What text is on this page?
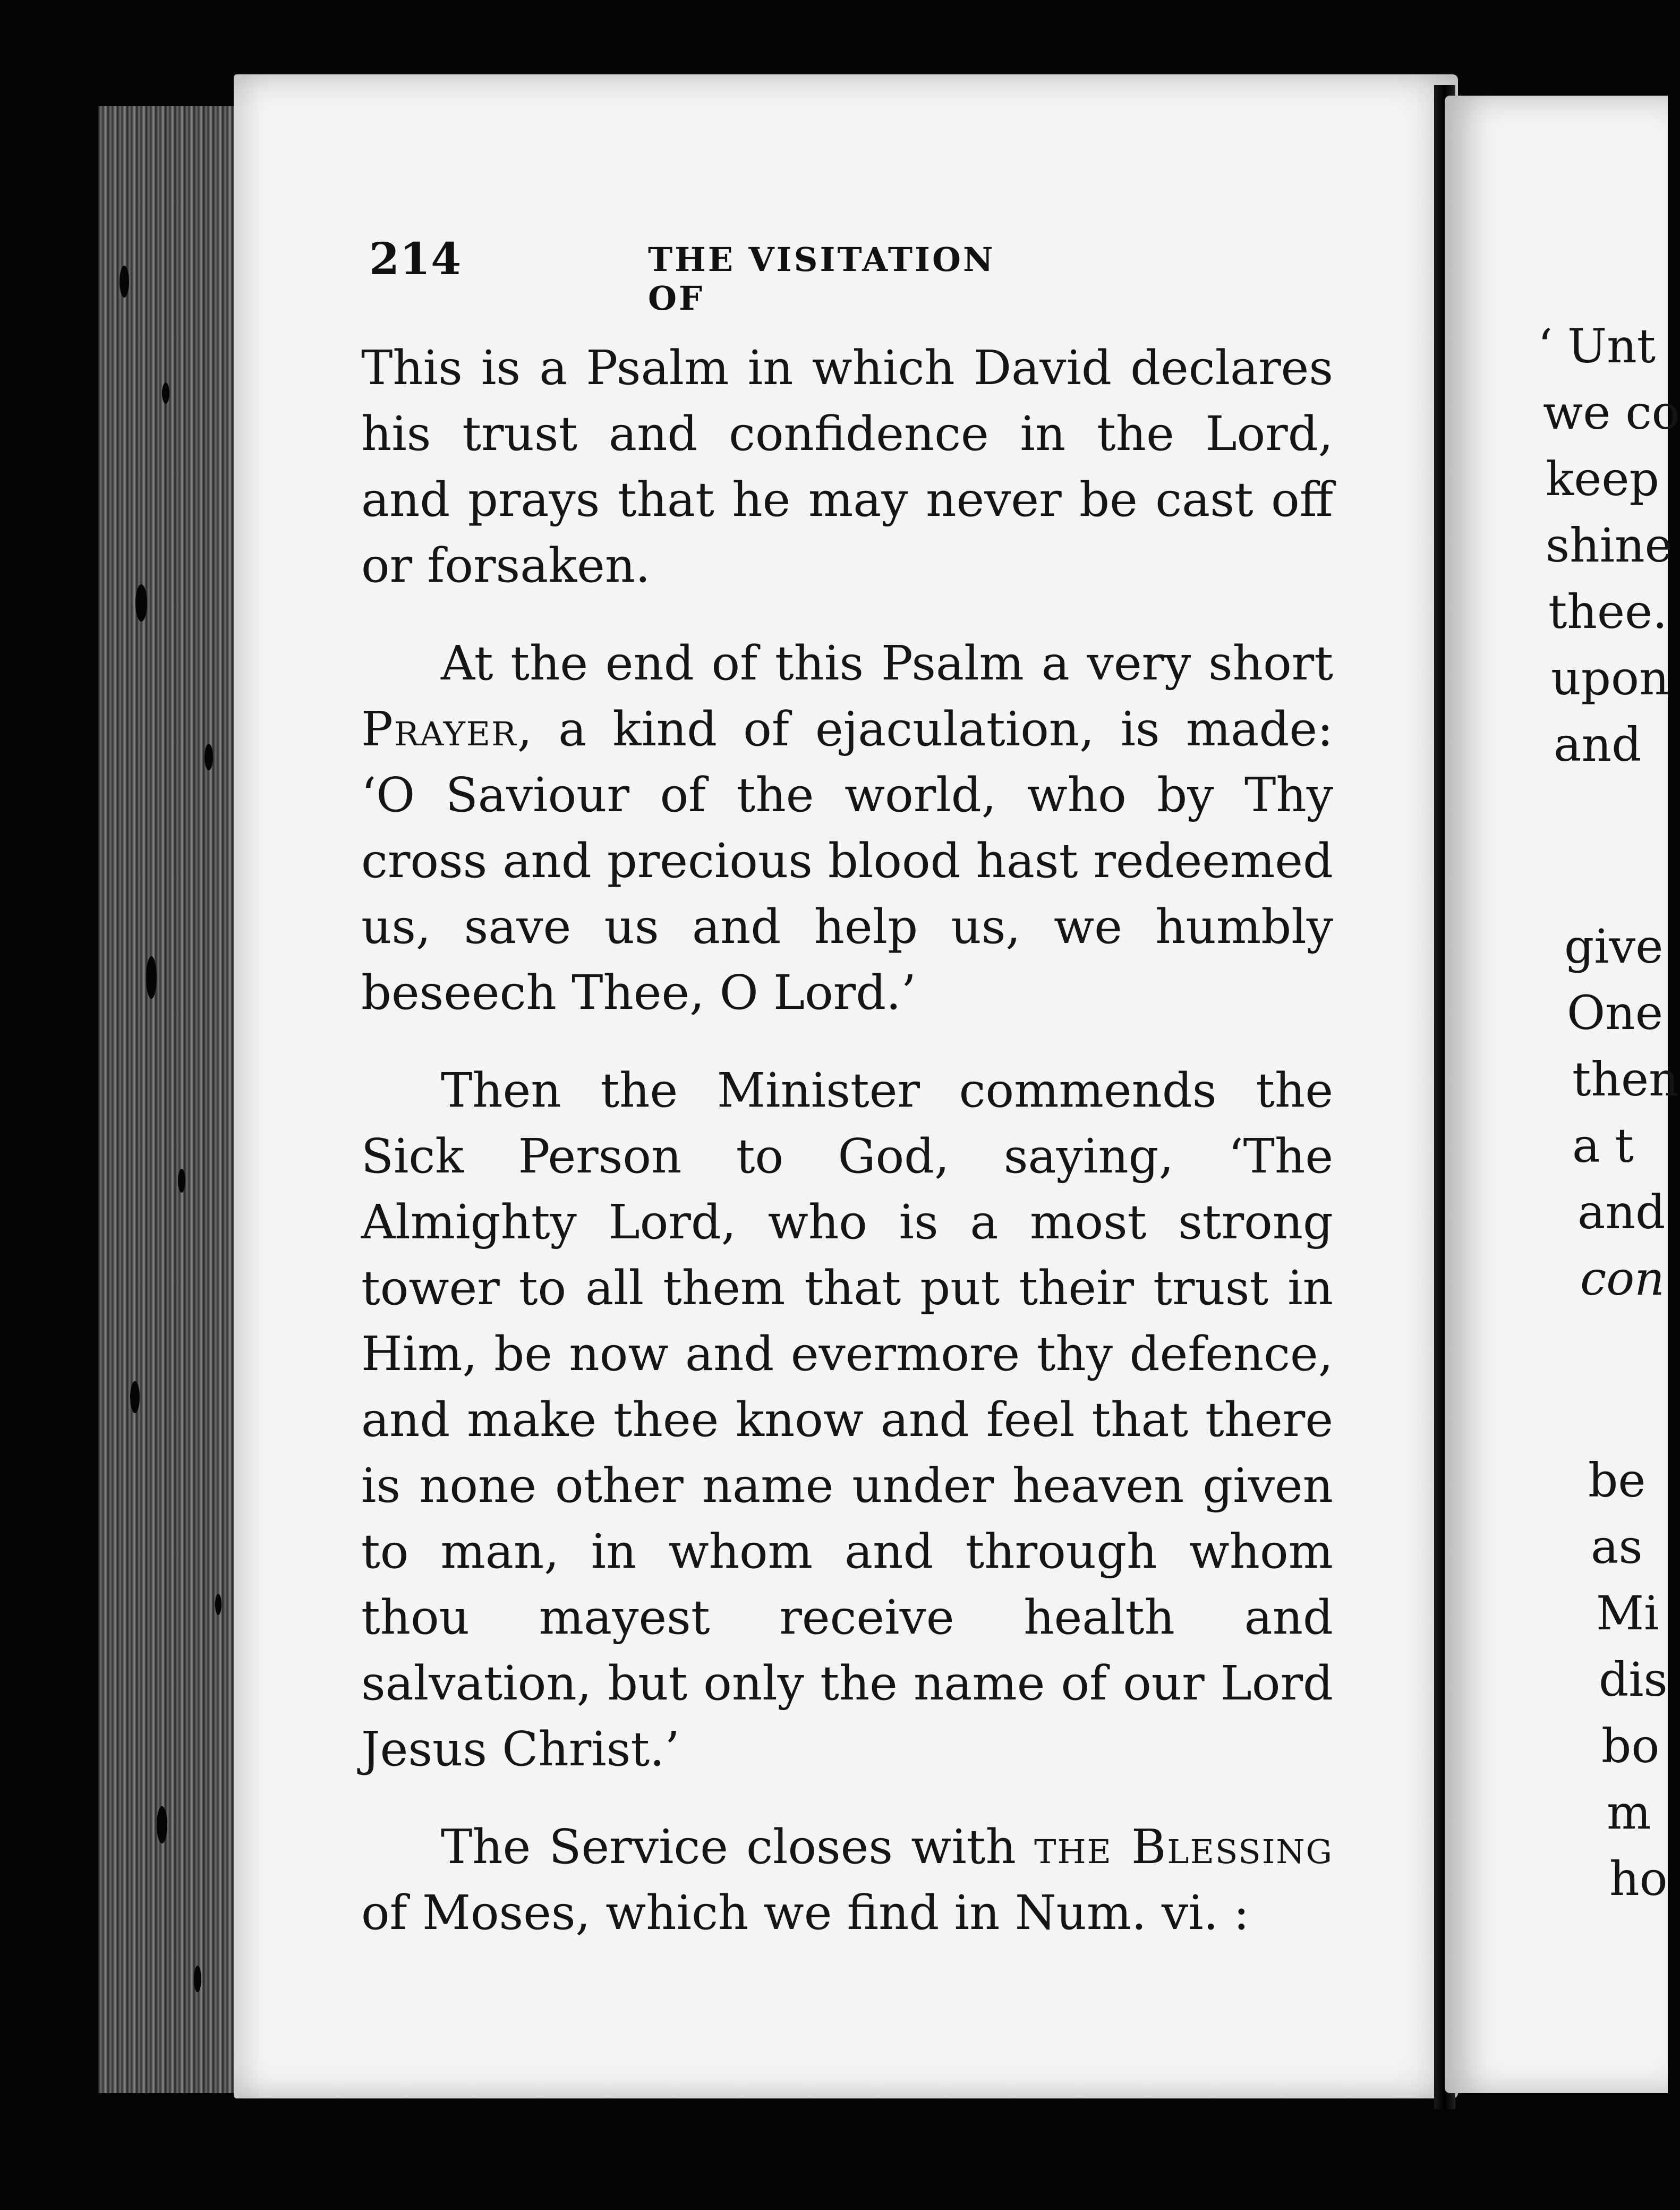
214	THE VISITATION OF

This is a Psalm in which David declares his trust and confidence in the Lord, and prays that he may never be cast off or forsaken.

At the end of this Psalm a very short Prayer, a kind of ejaculation, is made: ‘O Saviour of the world, who by Thy cross and precious blood hast redeemed us, save us and help us, we humbly beseech Thee, O Lord.’

Then the Minister commends the Sick Person to God, saying, ‘The Almighty Lord, who is a most strong tower to all them that put their trust in Him, be now and evermore thy defence, and make thee know and feel that there is none other name under heaven given to man, in whom and through whom thou mayest receive health and salvation, but only the name of our Lord Jesus Christ.’

The Service closes with the Blessing of Moses, which we find in Num. vi. :

‘ Unt
we co
keep
shine
thee.
upon
and
give
One
then
a t
and
con
be
as
Mi
dis
bo
m
ho
